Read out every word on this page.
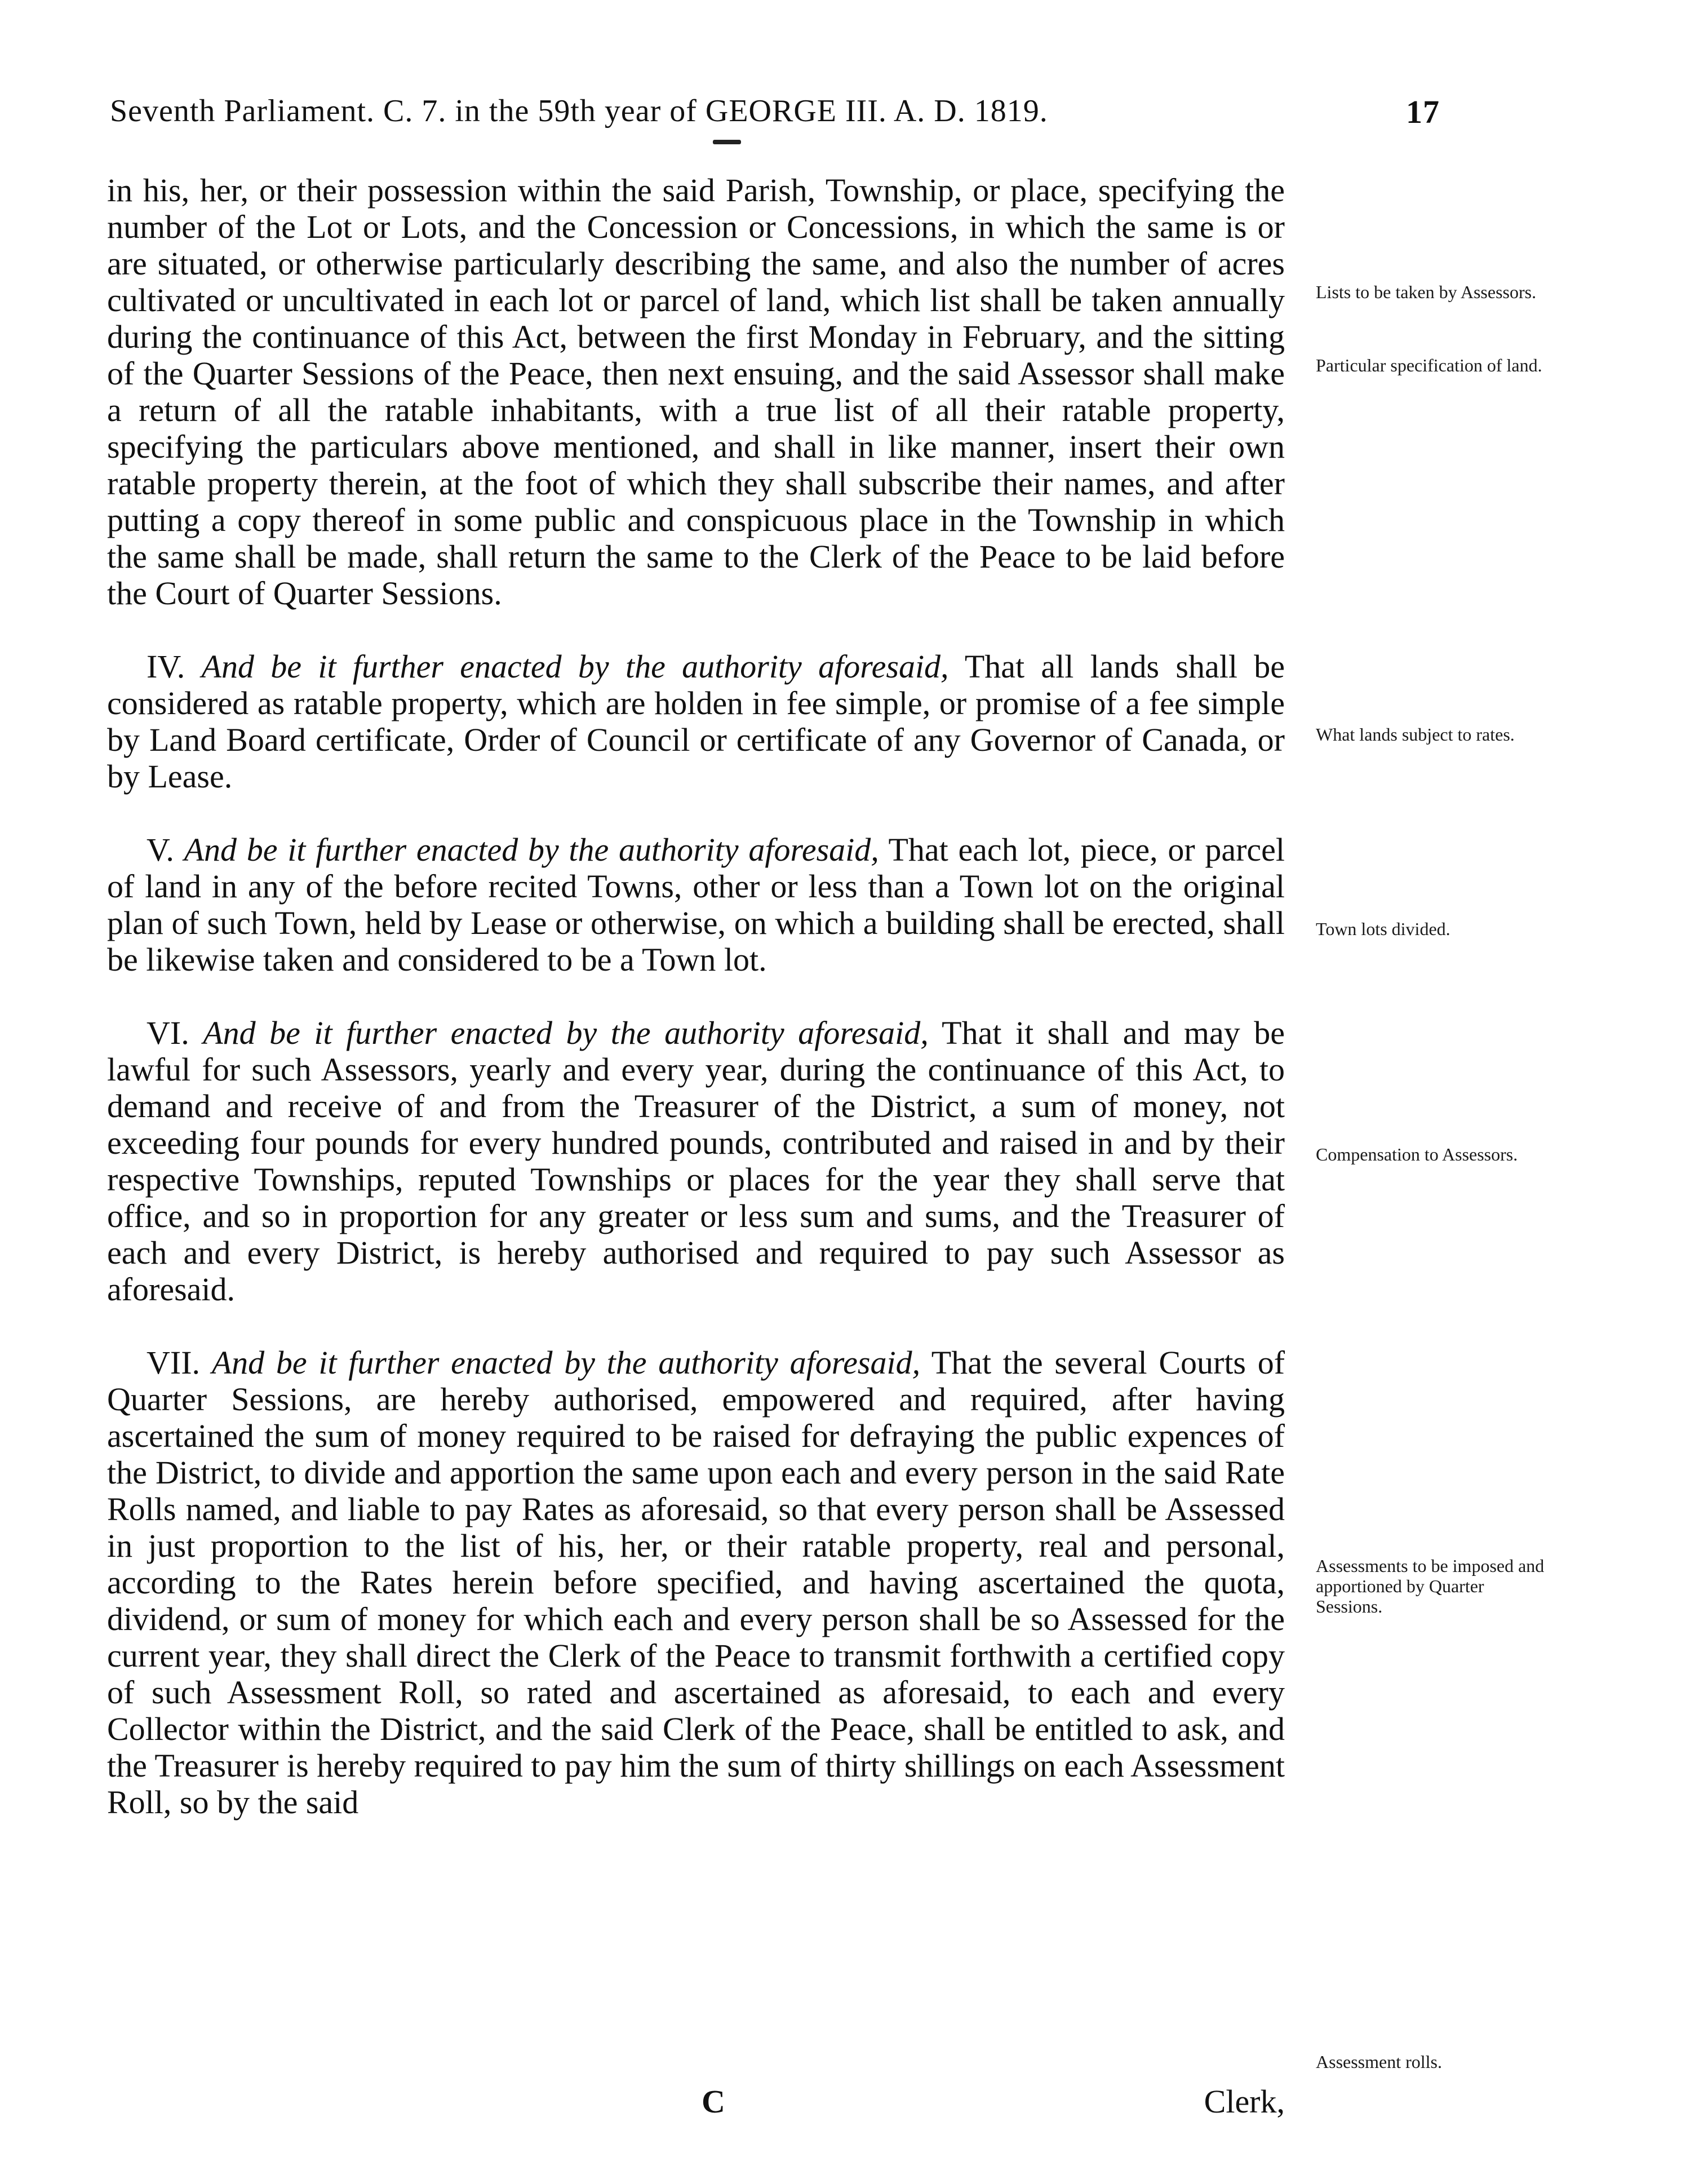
Seventh Parliament. C. 7. in the 59th year of GEORGE III. A. D. 1819.	17

in his, her, or their possession within the said Parish, Township, or place, specifying the number of the Lot or Lots, and the Concession or Concessions, in which the same is or are situated, or otherwise particularly describing the same, and also the number of acres cultivated or uncultivated in each lot or parcel of land, which list shall be taken annually during the continuance of this Act, between the first Monday in February, and the sitting of the Quarter Sessions of the Peace, then next ensuing, and the said Assessor shall make a return of all the ratable inhabitants, with a true list of all their ratable property, specifying the particulars above mentioned, and shall in like manner, insert their own ratable property therein, at the foot of which they shall subscribe their names, and after putting a copy thereof in some public and conspicuous place in the Township in which the same shall be made, shall return the same to the Clerk of the Peace to be laid before the Court of Quarter Sessions.

IV. And be it further enacted by the authority aforesaid, That all lands shall be considered as ratable property, which are holden in fee simple, or promise of a fee simple by Land Board certificate, Order of Council or certificate of any Governor of Canada, or by Lease.

V. And be it further enacted by the authority aforesaid, That each lot, piece, or parcel of land in any of the before recited Towns, other or less than a Town lot on the original plan of such Town, held by Lease or otherwise, on which a building shall be erected, shall be likewise taken and considered to be a Town lot.

VI. And be it further enacted by the authority aforesaid, That it shall and may be lawful for such Assessors, yearly and every year, during the continuance of this Act, to demand and receive of and from the Treasurer of the District, a sum of money, not exceeding four pounds for every hundred pounds, contributed and raised in and by their respective Townships, reputed Townships or places for the year they shall serve that office, and so in proportion for any greater or less sum and sums, and the Treasurer of each and every District, is hereby authorised and required to pay such Assessor as aforesaid.

VII. And be it further enacted by the authority aforesaid, That the several Courts of Quarter Sessions, are hereby authorised, empowered and required, after having ascertained the sum of money required to be raised for defraying the public expences of the District, to divide and apportion the same upon each and every person in the said Rate Rolls named, and liable to pay Rates as aforesaid, so that every person shall be Assessed in just proportion to the list of his, her, or their ratable property, real and personal, according to the Rates herein before specified, and having ascertained the quota, dividend, or sum of money for which each and every person shall be so Assessed for the current year, they shall direct the Clerk of the Peace to transmit forthwith a certified copy of such Assessment Roll, so rated and ascertained as aforesaid, to each and every Collector within the District, and the said Clerk of the Peace, shall be entitled to ask, and the Treasurer is hereby required to pay him the sum of thirty shillings on each Assessment Roll, so by the said

Lists to be taken by Assessors.
Particular specification of land.
What lands subject to rates.
Town lots divided.
Compensation to Assessors.
Assessments to be imposed and apportioned by Quarter Sessions.
Assessment rolls.
C	Clerk,
